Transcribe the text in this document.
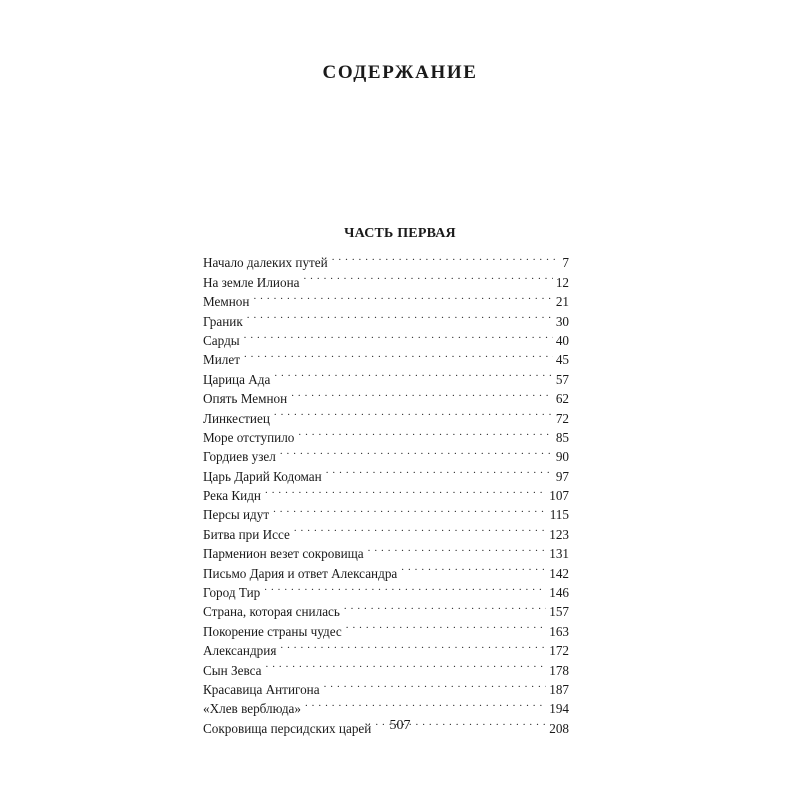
СОДЕРЖАНИЕ
ЧАСТЬ ПЕРВАЯ
Начало далеких путей . . .	7
На земле Илиона . . .	12
Мемнон . . .	21
Граник . . .	30
Сарды . . .	40
Милет . . .	45
Царица Ада . . .	57
Опять Мемнон . . .	62
Линкестиец . . .	72
Море отступило . . .	85
Гордиев узел . . .	90
Царь Дарий Кодоман . . .	97
Река Кидн . . .	107
Персы идут . . .	115
Битва при Иссе . . .	123
Парменион везет сокровища . . .	131
Письмо Дария и ответ Александра . . .	142
Город Тир . . .	146
Страна, которая снилась . . .	157
Покорение страны чудес . . .	163
Александрия . . .	172
Сын Зевса . . .	178
Красавица Антигона . . .	187
«Хлев верблюда» . . .	194
Сокровища персидских царей . . .	208
507
